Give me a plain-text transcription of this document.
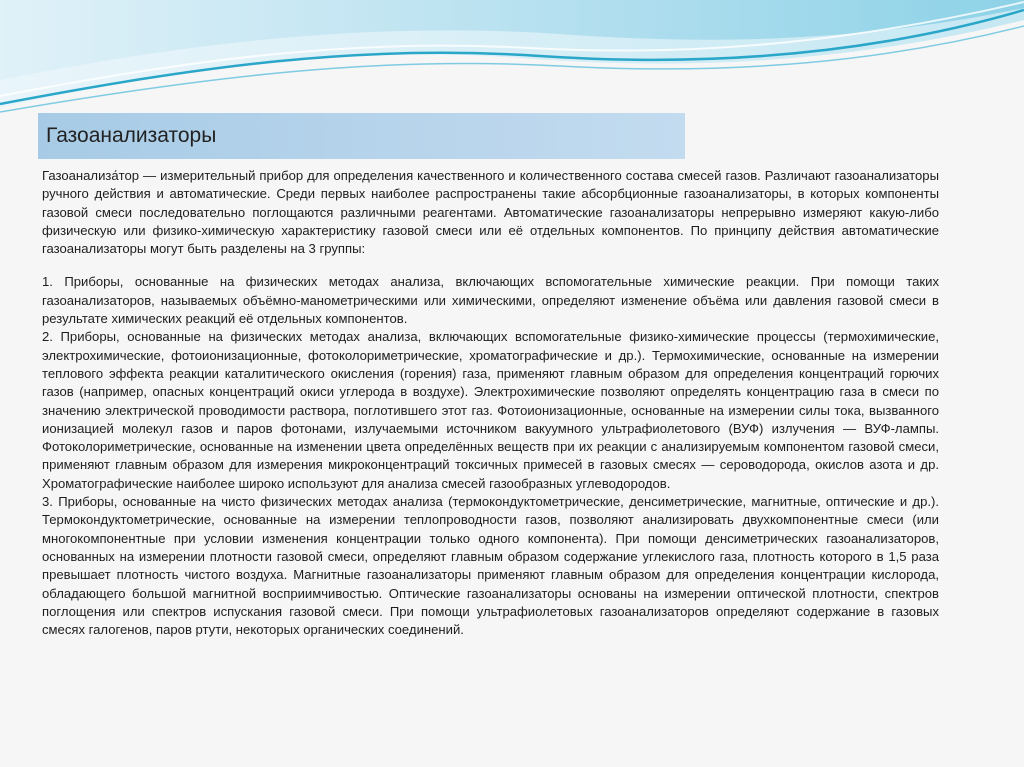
Газоанализаторы

Газоанализа́тор — измерительный прибор для определения качественного и количественного состава смесей газов. Различают газоанализаторы ручного действия и автоматические. Среди первых наиболее распространены такие абсорбционные газоанализаторы, в которых компоненты газовой смеси последовательно поглощаются различными реагентами. Автоматические газоанализаторы непрерывно измеряют какую-либо физическую или физико-химическую характеристику газовой смеси или её отдельных компонентов. По принципу действия автоматические газоанализаторы могут быть разделены на 3 группы:

1. Приборы, основанные на физических методах анализа, включающих вспомогательные химические реакции. При помощи таких газоанализаторов, называемых объёмно-манометрическими или химическими, определяют изменение объёма или давления газовой смеси в результате химических реакций её отдельных компонентов.

2. Приборы, основанные на физических методах анализа, включающих вспомогательные физико-химические процессы (термохимические, электрохимические, фотоионизационные, фотоколориметрические, хроматографические и др.). Термохимические, основанные на измерении теплового эффекта реакции каталитического окисления (горения) газа, применяют главным образом для определения концентраций горючих газов (например, опасных концентраций окиси углерода в воздухе). Электрохимические позволяют определять концентрацию газа в смеси по значению электрической проводимости раствора, поглотившего этот газ. Фотоионизационные, основанные на измерении силы тока, вызванного ионизацией молекул газов и паров фотонами, излучаемыми источником вакуумного ультрафиолетового (ВУФ) излучения — ВУФ-лампы. Фотоколориметрические, основанные на изменении цвета определённых веществ при их реакции с анализируемым компонентом газовой смеси, применяют главным образом для измерения микроконцентраций токсичных примесей в газовых смесях — сероводорода, окислов азота и др. Хроматографические наиболее широко используют для анализа смесей газообразных углеводородов.

3. Приборы, основанные на чисто физических методах анализа (термокондуктометрические, денсиметрические, магнитные, оптические и др.). Термокондуктометрические, основанные на измерении теплопроводности газов, позволяют анализировать двухкомпонентные смеси (или многокомпонентные при условии изменения концентрации только одного компонента). При помощи денсиметрических газоанализаторов, основанных на измерении плотности газовой смеси, определяют главным образом содержание углекислого газа, плотность которого в 1,5 раза превышает плотность чистого воздуха. Магнитные газоанализаторы применяют главным образом для определения концентрации кислорода, обладающего большой магнитной восприимчивостью. Оптические газоанализаторы основаны на измерении оптической плотности, спектров поглощения или спектров испускания газовой смеси. При помощи ультрафиолетовых газоанализаторов определяют содержание в газовых смесях галогенов, паров ртути, некоторых органических соединений.
